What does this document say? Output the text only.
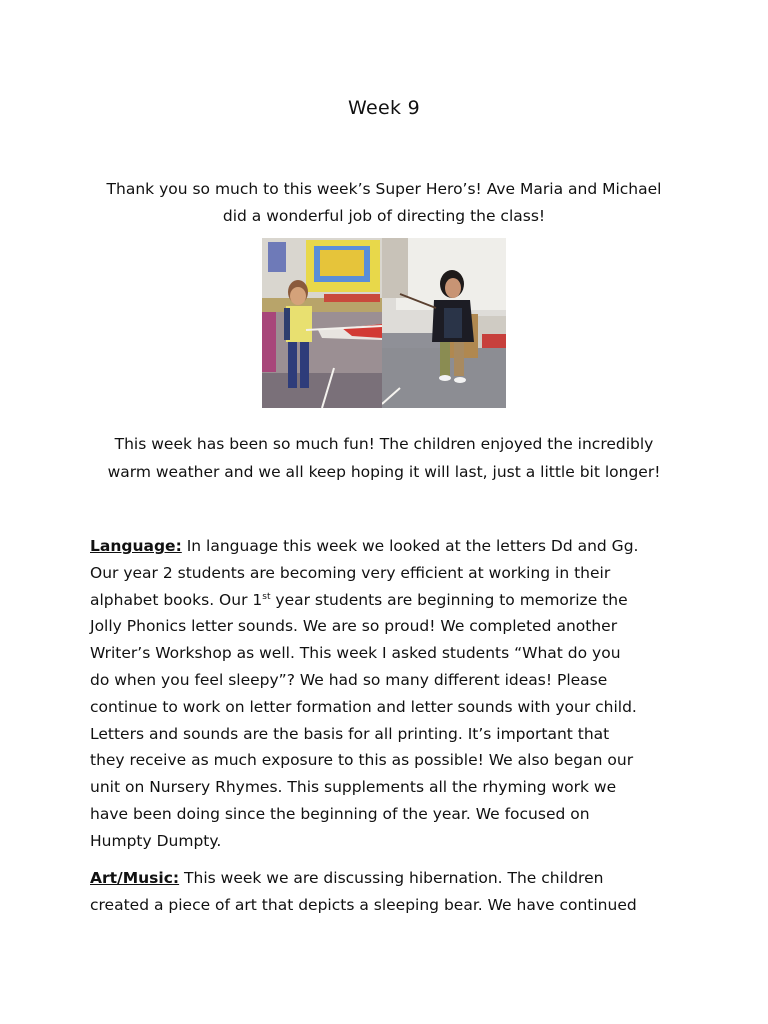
Week 9
Thank you so much to this week’s Super Hero’s! Ave Maria and Michael
did a wonderful job of directing the class!
This week has been so much fun! The children enjoyed the incredibly
warm weather and we all keep hoping it will last, just a little bit longer!
Language: In language this week we looked at the letters Dd and Gg.
Our year 2 students are becoming very efficient at working in their
alphabet books. Our 1st year students are beginning to memorize the
Jolly Phonics letter sounds. We are so proud! We completed another
Writer’s Workshop as well. This week I asked students “What do you
do when you feel sleepy”? We had so many different ideas! Please
continue to work on letter formation and letter sounds with your child.
Letters and sounds are the basis for all printing. It’s important that
they receive as much exposure to this as possible! We also began our
unit on Nursery Rhymes. This supplements all the rhyming work we
have been doing since the beginning of the year. We focused on
Humpty Dumpty.
Art/Music: This week we are discussing hibernation. The children
created a piece of art that depicts a sleeping bear. We have continued
